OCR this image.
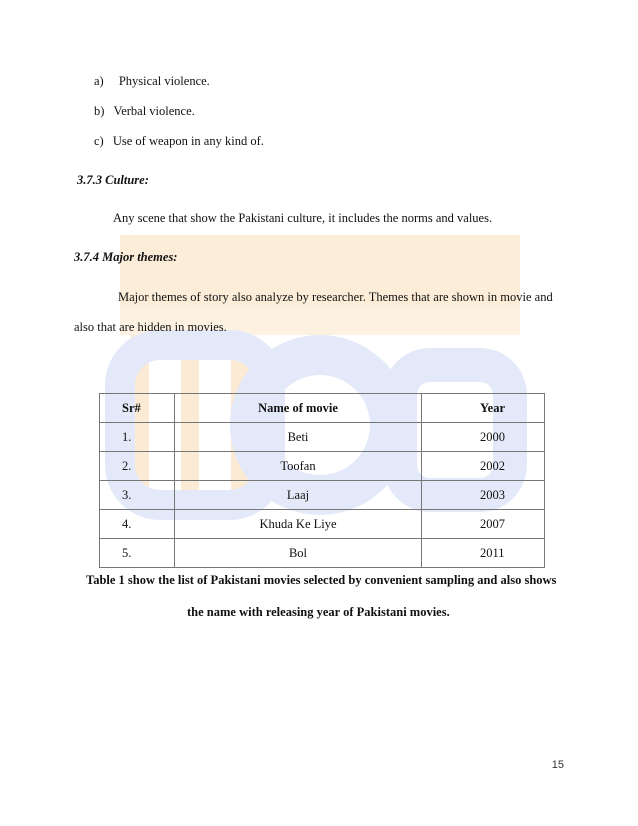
a) Physical violence.
b) Verbal violence.
c) Use of weapon in any kind of.
3.7.3 Culture:
Any scene that show the Pakistani culture, it includes the norms and values.
3.7.4 Major themes:
Major themes of story also analyze by researcher. Themes that are shown in movie and
also that are hidden in movies.
Sr#	Name of movie	Year
1.	Beti	2000
2.	Toofan	2002
3.	Laaj	2003
4.	Khuda Ke Liye	2007
5.	Bol	2011
Table 1 show the list of Pakistani movies selected by convenient sampling and also shows
the name with releasing year of Pakistani movies.
15
